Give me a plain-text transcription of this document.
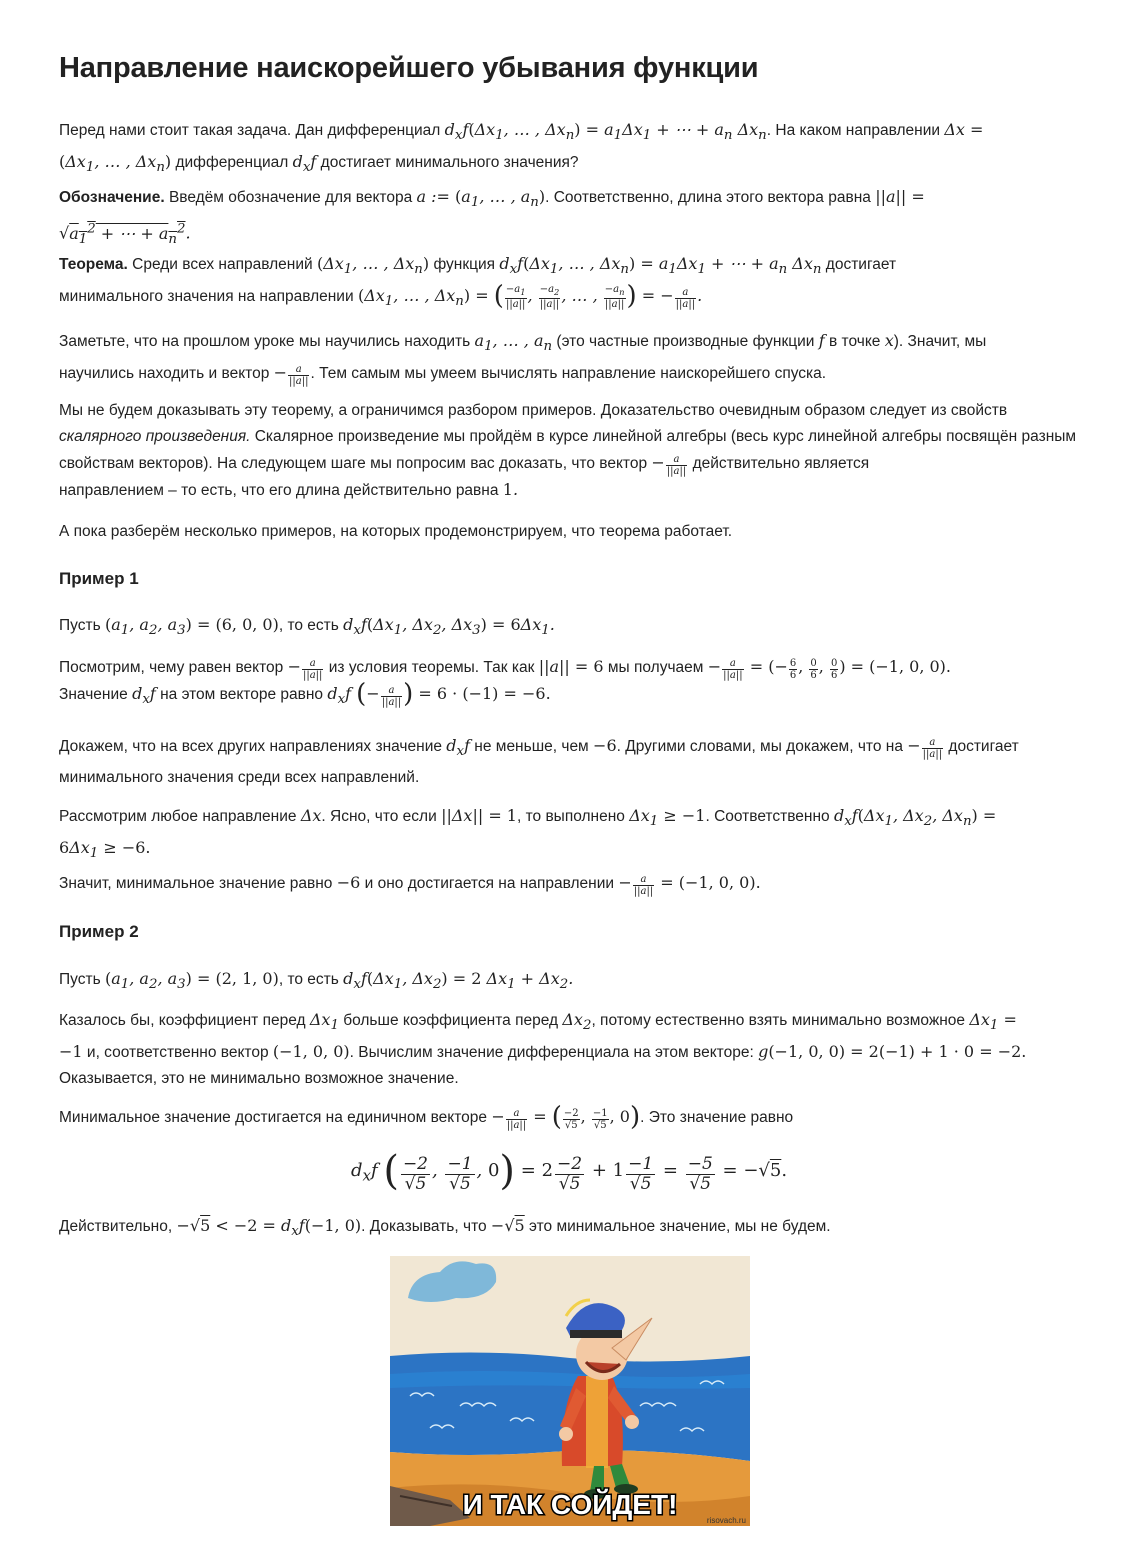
Направление наискорейшего убывания функции
Перед нами стоит такая задача. Дан дифференциал $d_xf(\Delta x_1$, … , $\Delta x_n) = a_1\Delta x_1$ + ⋯ + $a_n$ $\Delta x_n$. На каком направлении Δx =
($\Delta x_1$, … , $\Delta x_n$) дифференциал $d_xf$ достигает минимального значения?
Обозначение. Введём обозначение для вектора a := ($a_1$, … , $a_n$). Соответственно, длина этого вектора равна ||a|| =
$√a_1^2$ + ⋯ + $a_n^2$.
Теорема. Среди всех направлений ($\Delta x_1$, … , $\Delta x_n$) функция $d_xf(\Delta x_1$, … , $\Delta x_n) = a_1\Delta x_1$ + ⋯ + $a_n$ $\Delta x_n$ достигает
минимального значения на направлении ($\Delta x_1$, … , $\Delta x_n$) = ( $\frac{-a_1}{||a||}$ , $\frac{-a_2}{||a||}$ , … , $\frac{-a_n}{||a||}$ ) = − $\frac{a}{||a||}$ .
Заметьте, что на прошлом уроке мы научились находить $a_1$, … , $a_n$ (это частные производные функции f в точке x). Значит, мы
научились находить и вектор − $\frac{a}{||a||}$ . Тем самым мы умеем вычислять направление наискорейшего спуска.
Мы не будем доказывать эту теорему, а ограничимся разбором примеров. Доказательство очевидным образом следует из свойств скалярного произведения. Скалярное произведение мы пройдём в курсе линейной алгебры (весь курс линейной алгебры посвящён разным свойствам векторов). На следующем шаге мы попросим вас доказать, что вектор − $\frac{a}{||a||}$ действительно является
направлением – то есть, что его длина действительно равна 1.
А пока разберём несколько примеров, на которых продемонстрируем, что теорема работает.
Пример 1
Пусть ($a_1$, $a_2$, $a_3) = (6$, 0, 0), то есть $d_xf(\Delta x_1$, $\Delta x_2$, $\Delta x_3) = 6\Delta x_1$.
Посмотрим, чему равен вектор − $\frac{a}{||a||}$ из условия теоремы. Так как ||a|| = 6 мы получаем − $\frac{a}{||a||}$ = (− $\frac{6}{6}$ , $\frac{0}{6}$ , $\frac{0}{6}$ ) = (−1, 0, 0).
Значение $d_xf$ на этом векторе равно $d_xf$ (− $\frac{a}{||a||}$ ) = 6 · (−1) = −6.
Докажем, что на всех других направлениях значение $d_xf$ не меньше, чем −6. Другими словами, мы докажем, что на − $\frac{a}{||a||}$ достигает
минимального значения среди всех направлений.
Рассмотрим любое направление Δx. Ясно, что если ||Δx|| = 1, то выполнено $\Delta x_1 \ge -1$. Соответственно $d_xf(\Delta x_1$, $\Delta x_2$, $\Delta x_n$) =
$6\Delta x_1 \ge -6$.
Значит, минимальное значение равно −6 и оно достигается на направлении − $\frac{a}{||a||} = (-1$, 0, 0).
Пример 2
Пусть ($a_1$, $a_2$, $a_3) = (2$, 1, 0), то есть $d_xf(\Delta x_1$, $\Delta x_2) = 2$ $\Delta x_1 + \Delta x_2$.
Казалось бы, коэффициент перед $\Delta x_1$ больше коэффициента перед $\Delta x_2$, потому естественно взять минимально возможное $\Delta x_1$ =
−1 и, соответственно вектор (−1, 0, 0). Вычислим значение дифференциала на этом векторе: g(−1, 0, 0) = 2(−1) + 1 · 0 = −2.
Оказывается, это не минимально возможное значение.
Минимальное значение достигается на единичном векторе − $\frac{a}{||a||}$ = ( $\frac{-2}{√5}$ , $\frac{-1}{√5}$ , 0). Это значение равно
$d_xf$ ( $\frac{-2}{√5}$ , $\frac{-1}{√5}$ , $0) = 2 \frac{-2}{√5} + 1 \frac{-1}{√5} = \frac{-5}{√5} = -√5$.
Действительно, $-√5 < -2 = d_xf(-1$, 0). Доказывать, что −√5 это минимальное значение, мы не будем.
И ТАК СОЙДЕТ!
risovach.ru
